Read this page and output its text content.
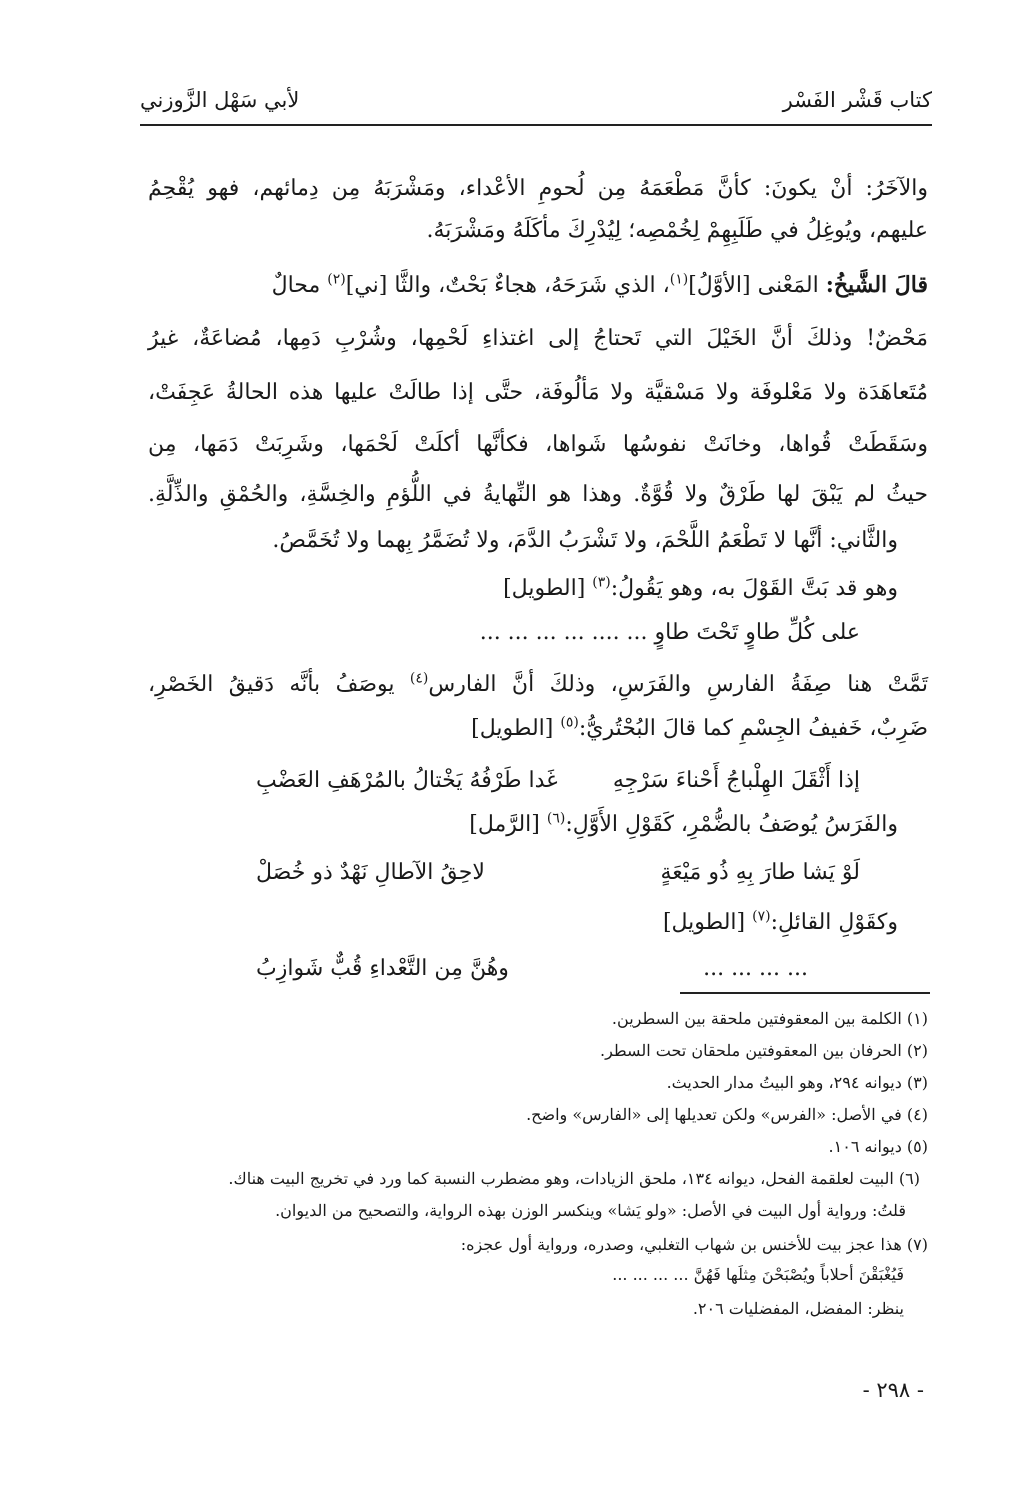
كتاب قَشْر الفَسْر
لأبي سَهْل الزَّوزني
والآخَرُ: أنْ يكونَ: كأنَّ مَطْعَمَهُ مِن لُحومِ الأعْداء، ومَشْرَبَهُ مِن دِمائهم، فهو يُقْحِمُ
عليهم، ويُوغِلُ في طَلَبِهِمْ لِخُمْصِه؛ لِيُدْرِكَ مأكَلَهُ ومَشْرَبَهُ.
قالَ الشَّيخُ: المَعْنى [الأوَّلُ]$^{(١)}$، الذي شَرَحَهُ، هجاءٌ بَحْتٌ، والثَّا [ني]$^{(٢)}$ محالٌ
مَحْضٌ! وذلكَ أنَّ الخَيْلَ التي تَحتاجُ إلى اغتذاءِ لَحْمِها، وشُرْبِ دَمِها، مُضاعَةٌ، غيرُ
مُتَعاهَدَة ولا مَعْلوفَة ولا مَسْقيَّة ولا مَألُوفَة، حتَّى إذا طالَتْ عليها هذه الحالةُ عَجِفَتْ،
وسَقَطَتْ قُواها، وخانَتْ نفوسُها شَواها، فكأنَّها أكلَتْ لَحْمَها، وشَرِبَتْ دَمَها، مِن
حيثُ لم يَبْقَ لها طَرْقٌ ولا قُوَّةٌ. وهذا هو النِّهايةُ في اللُّؤمِ والخِسَّةِ، والحُمْقِ والذِّلَّةِ.
والثَّاني: أنَّها لا تَطْعَمُ اللَّحْمَ، ولا تَشْرَبُ الدَّمَ، ولا تُضَمَّرُ بِهما ولا تُخَمَّصُ.
وهو قد بَتَّ القَوْلَ به، وهو يَقُولُ:$^{(٣)}$ [الطويل]
على كُلِّ طاوٍ تَحْتَ طاوٍ ... .... ... ... ... ...
تَمَّتْ هنا صِفَةُ الفارسِ والفَرَسِ، وذلكَ أنَّ الفارس$^{(٤)}$ يوصَفُ بأنَّه دَقيقُ الخَصْرِ،
ضَرِبٌ، خَفيفُ الجِسْمِ كما قالَ البُحْتُريُّ:$^{(٥)}$ [الطويل]
إذا أَثْقَلَ الهِلْباجُ أَحْناءَ سَرْجِهِ
غَدا طَرْفُهُ يَخْتالُ بالمُرْهَفِ العَضْبِ
والفَرَسُ يُوصَفُ بالضُّمْرِ، كَقَوْلِ الأَوَّلِ:$^{(٦)}$ [الرَّمل]
لَوْ يَشا طارَ بِهِ ذُو مَيْعَةٍ
لاحِقُ الآطالِ نَهْدٌ ذو خُصَلْ
وكقَوْلِ القائلِ:$^{(٧)}$ [الطويل]
... ... ... ...
وهُنَّ مِن التَّعْداءِ قُبٌّ شَوازِبُ
(١) الكلمة بين المعقوفتين ملحقة بين السطرين.
(٢) الحرفان بين المعقوفتين ملحقان تحت السطر.
(٣) ديوانه ٢٩٤، وهو البيتُ مدار الحديث.
(٤) في الأصل: «الفرس» ولكن تعديلها إلى «الفارس» واضح.
(٥) ديوانه ١٠٦.
(٦) البيت لعلقمة الفحل، ديوانه ١٣٤، ملحق الزيادات، وهو مضطرب النسبة كما ورد في تخريج البيت هناك.
قلتُ: ورواية أول البيت في الأصل: «ولو يَشا» وينكسر الوزن بهذه الرواية، والتصحيح من الديوان.
(٧) هذا عجز بيت للأخنس بن شهاب التغلبي، وصدره، ورواية أول عجزه:
فَيُغْبَقْنَ أحلاباً ويُصْبَحْنَ مِثلَها فَهُنَّ ... ... ... ...
ينظر: المفضل، المفضليات ٢٠٦.
- ٢٩٨ -
